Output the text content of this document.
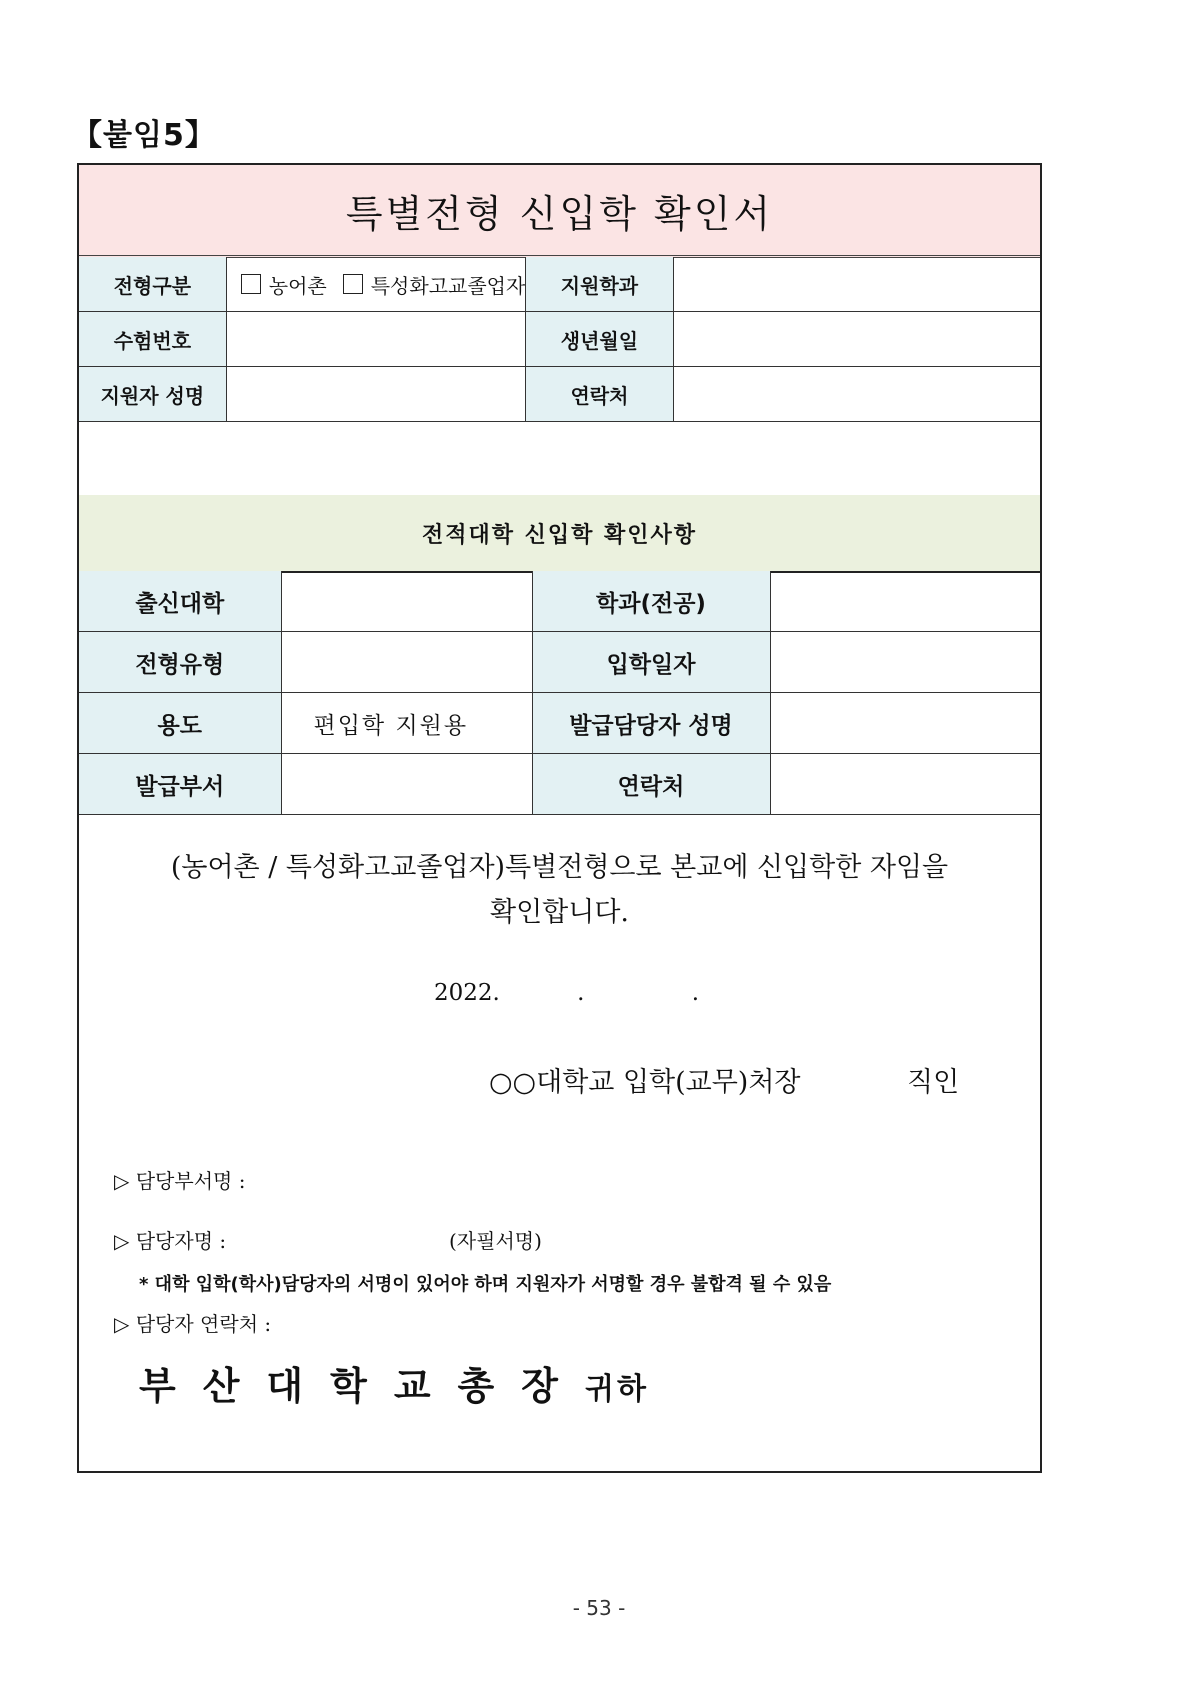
【붙임5】
특별전형 신입학 확인서
전형구분	농어촌 특성화고교졸업자	지원학과	
수험번호		생년월일	
지원자 성명		연락처	
전적대학 신입학 확인사항
출신대학		학과(전공)	
전형유형		입학일자	
용도	편입학 지원용	발급담당자 성명	
발급부서		연락처	
(농어촌 / 특성화고교졸업자)특별전형으로 본교에 신입학한 자임을
확인합니다.
2022.	.	.
○○대학교 입학(교무)처장	직인
▷ 담당부서명 :
▷ 담당자명 :	(자필서명)
* 대학 입학(학사)담당자의 서명이 있어야 하며 지원자가 서명할 경우 불합격 될 수 있음
▷ 담당자 연락처 :
부산대학교총장귀하
- 53 -
